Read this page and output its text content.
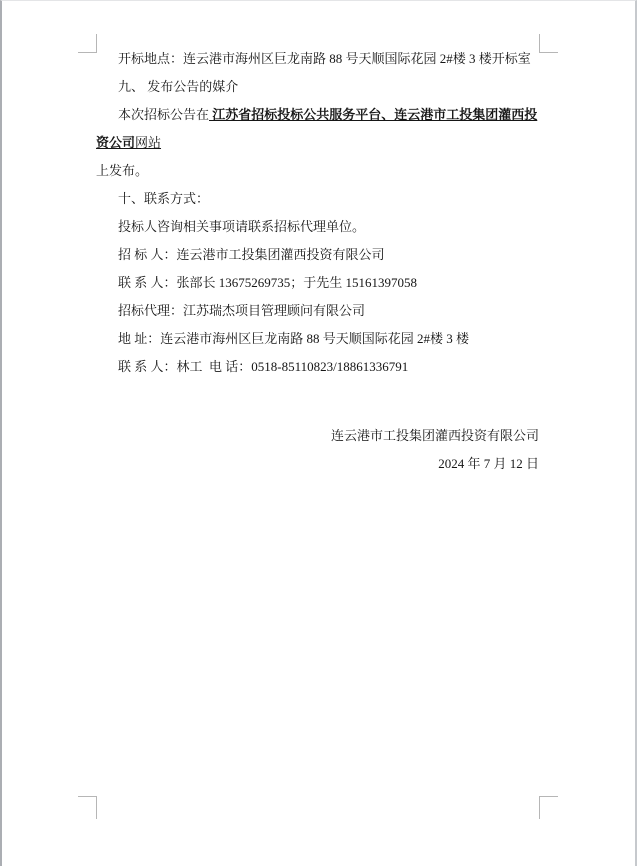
开标地点：连云港市海州区巨龙南路 88 号天顺国际花园 2#楼 3 楼开标室

九、 发布公告的媒介

本次招标公告在 江苏省招标投标公共服务平台、连云港市工投集团灌西投资公司网站

上发布。

十、联系方式：

投标人咨询相关事项请联系招标代理单位。

招 标 人：连云港市工投集团灌西投资有限公司

联 系 人：张部长 13675269735；于先生 15161397058

招标代理：江苏瑞杰项目管理顾问有限公司

地 址：连云港市海州区巨龙南路 88 号天顺国际花园 2#楼 3 楼

联 系 人：林工  电 话：0518-85110823/18861336791

连云港市工投集团灌西投资有限公司

2024 年 7 月 12 日
